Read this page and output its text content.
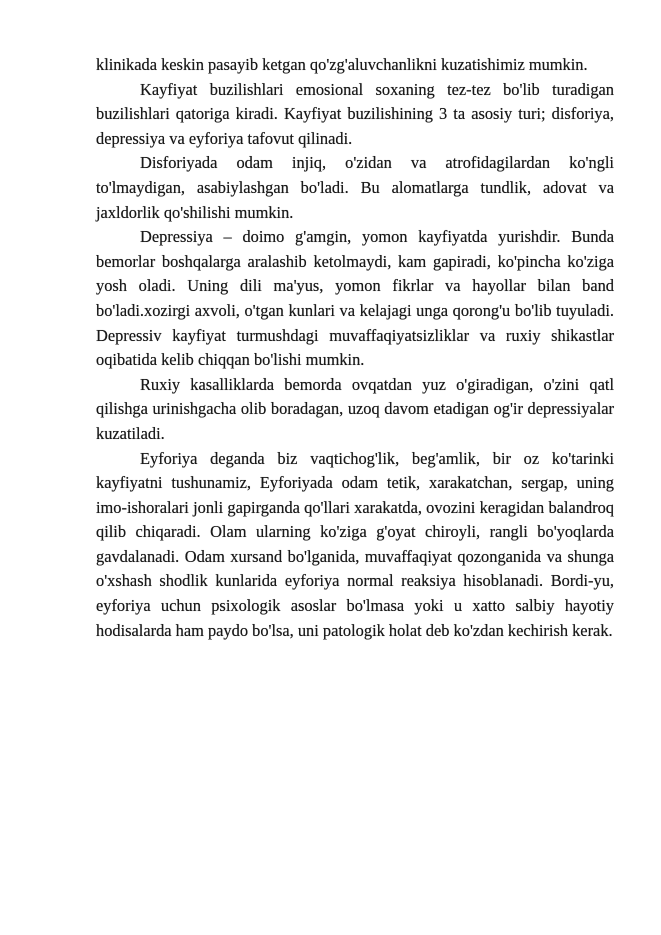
klinikada keskin pasayib ketgan qo'zg'aluvchanlikni kuzatishimiz mumkin.

Kayfiyat buzilishlari emosional soxaning tez-tez bo'lib turadigan buzilishlari qatoriga kiradi. Kayfiyat buzilishining 3 ta asosiy turi; disforiya, depressiya va eyforiya tafovut qilinadi.

Disforiyada odam injiq, o'zidan va atrofidagilardan ko'ngli to'lmaydigan, asabiylashgan bo'ladi. Bu alomatlarga tundlik, adovat va jaxldorlik qo'shilishi mumkin.

Depressiya – doimo g'amgin, yomon kayfiyatda yurishdir. Bunda bemorlar boshqalarga aralashib ketolmaydi, kam gapiradi, ko'pincha ko'ziga yosh oladi. Uning dili ma'yus, yomon fikrlar va hayollar bilan band bo'ladi.xozirgi axvoli, o'tgan kunlari va kelajagi unga qorong'u bo'lib tuyuladi. Depressiv kayfiyat turmushdagi muvaffaqiyatsizliklar va ruxiy shikastlar oqibatida kelib chiqqan bo'lishi mumkin.

Ruxiy kasalliklarda bemorda ovqatdan yuz o'giradigan, o'zini qatl qilishga urinishgacha olib boradagan, uzoq davom etadigan og'ir depressiyalar kuzatiladi.

Eyforiya deganda biz vaqtichog'lik, beg'amlik, bir oz ko'tarinki kayfiyatni tushunamiz, Eyforiyada odam tetik, xarakatchan, sergap, uning imo-ishoralari jonli gapirganda qo'llari xarakatda, ovozini keragidan balandroq qilib chiqaradi. Olam ularning ko'ziga g'oyat chiroyli, rangli bo'yoqlarda gavdalanadi. Odam xursand bo'lganida, muvaffaqiyat qozonganida va shunga o'xshash shodlik kunlarida eyforiya normal reaksiya hisoblanadi. Bordi-yu, eyforiya uchun psixologik asoslar bo'lmasa yoki u xatto salbiy hayotiy hodisalarda ham paydo bo'lsa, uni patologik holat deb ko'zdan kechirish kerak.
